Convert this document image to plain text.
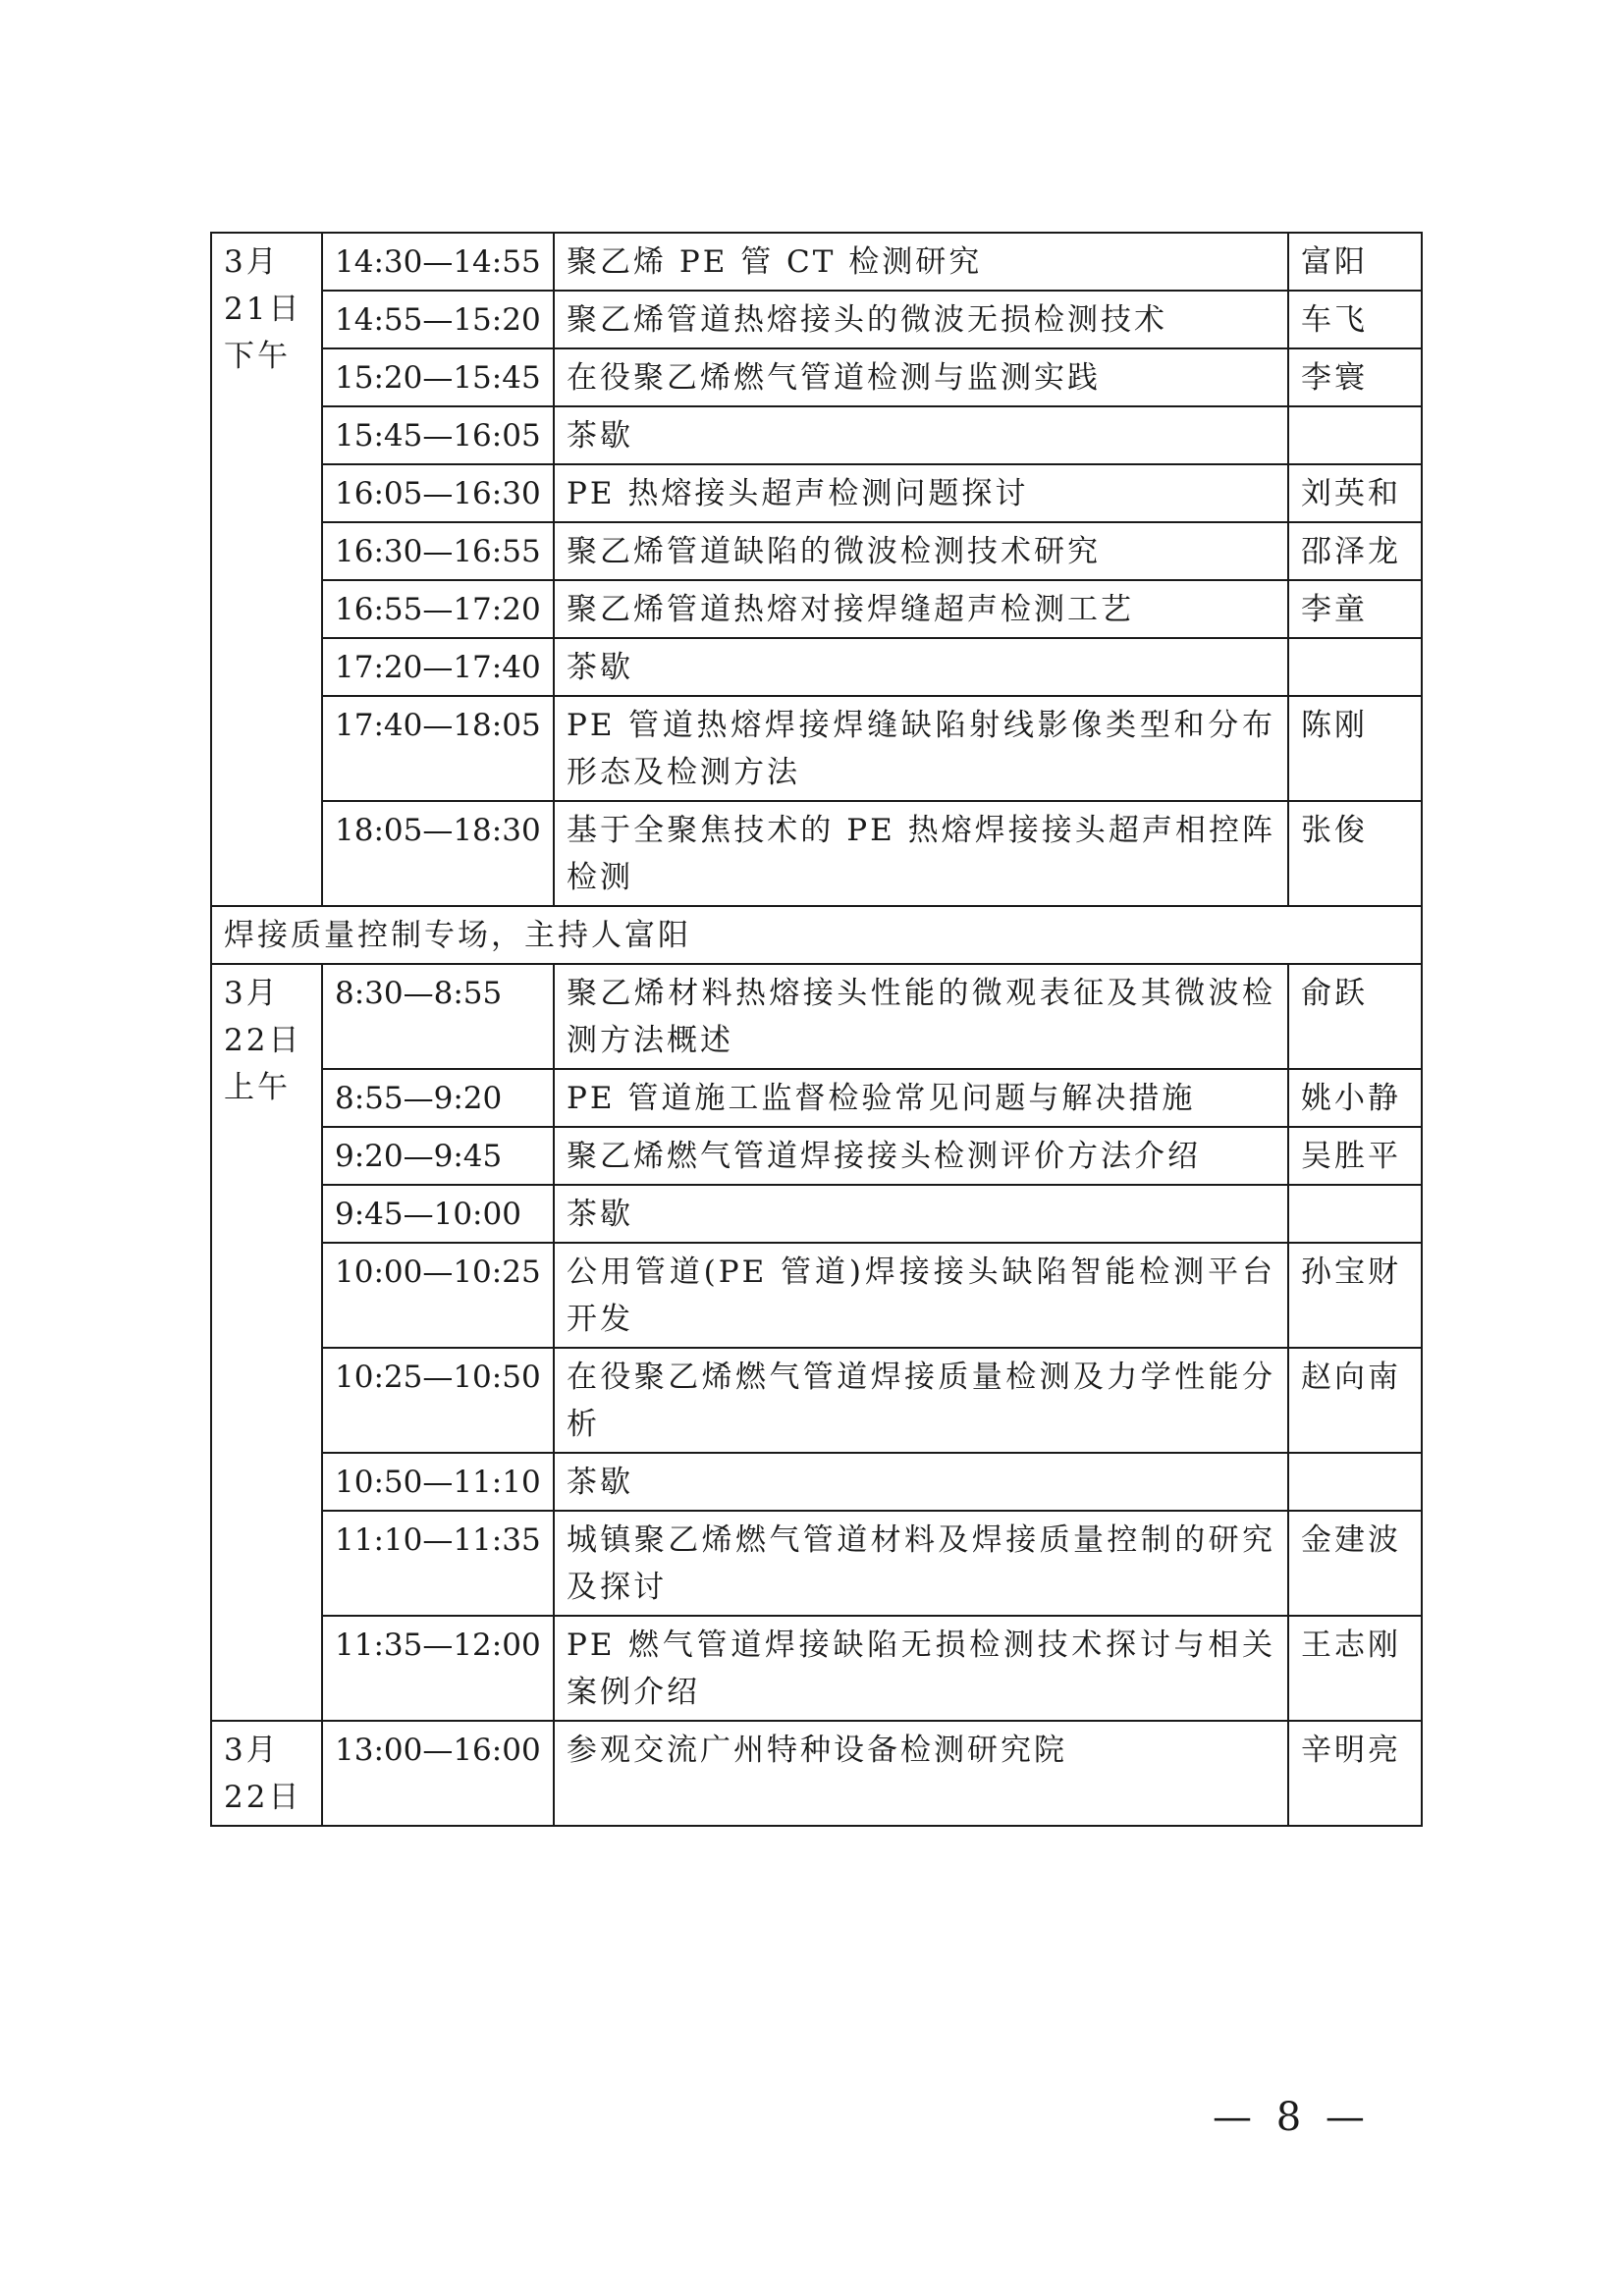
3月
21日
下午	14:30—14:55	聚乙烯 PE 管 CT 检测研究	富阳
	14:55—15:20	聚乙烯管道热熔接头的微波无损检测技术	车飞
	15:20—15:45	在役聚乙烯燃气管道检测与监测实践	李寰
	15:45—16:05	茶歇	
	16:05—16:30	PE 热熔接头超声检测问题探讨	刘英和
	16:30—16:55	聚乙烯管道缺陷的微波检测技术研究	邵泽龙
	16:55—17:20	聚乙烯管道热熔对接焊缝超声检测工艺	李童
	17:20—17:40	茶歇	
	17:40—18:05	PE 管道热熔焊接焊缝缺陷射线影像类型和分布形态及检测方法	陈刚
	18:05—18:30	基于全聚焦技术的 PE 热熔焊接接头超声相控阵检测	张俊
焊接质量控制专场，主持人富阳			

3月
22日
上午	8:30—8:55	聚乙烯材料热熔接头性能的微观表征及其微波检测方法概述	俞跃
	8:55—9:20	PE 管道施工监督检验常见问题与解决措施	姚小静
	9:20—9:45	聚乙烯燃气管道焊接接头检测评价方法介绍	吴胜平
	9:45—10:00	茶歇	
	10:00—10:25	公用管道(PE 管道)焊接接头缺陷智能检测平台开发	孙宝财
	10:25—10:50	在役聚乙烯燃气管道焊接质量检测及力学性能分析	赵向南
	10:50—11:10	茶歇	
	11:10—11:35	城镇聚乙烯燃气管道材料及焊接质量控制的研究及探讨	金建波
	11:35—12:00	PE 燃气管道焊接缺陷无损检测技术探讨与相关案例介绍	王志刚

3月
22日	13:00—16:00	参观交流广州特种设备检测研究院	辛明亮
— 8 —
